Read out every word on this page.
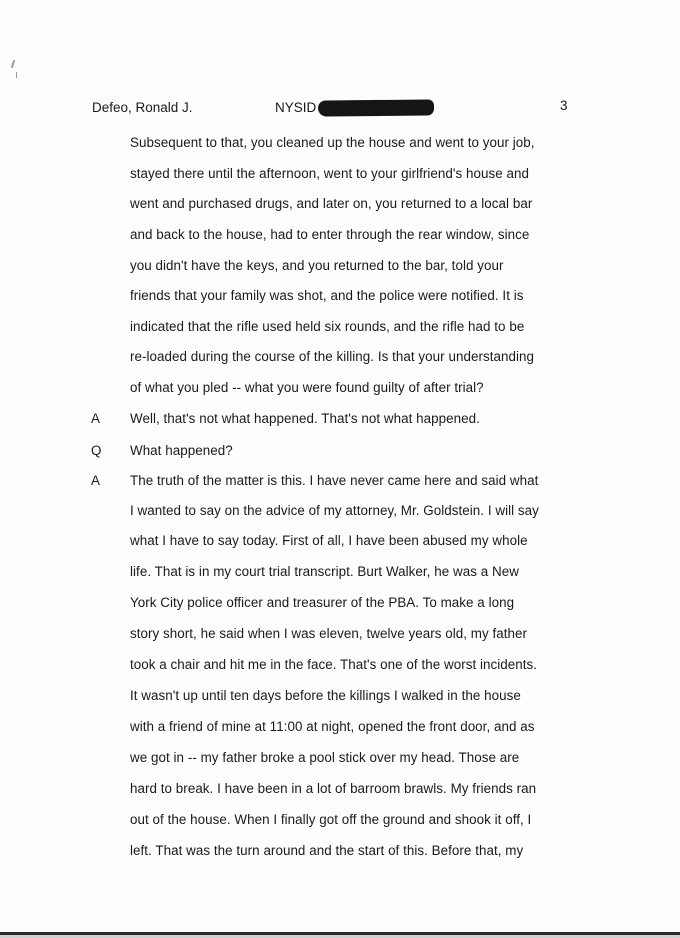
Defeo, Ronald J.	NYSID	3
Subsequent to that, you cleaned up the house and went to your job,
stayed there until the afternoon, went to your girlfriend's house and
went and purchased drugs, and later on, you returned to a local bar
and back to the house, had to enter through the rear window, since
you didn't have the keys, and you returned to the bar, told your
friends that your family was shot, and the police were notified. It is
indicated that the rifle used held six rounds, and the rifle had to be
re-loaded during the course of the killing. Is that your understanding
of what you pled -- what you were found guilty of after trial?
A Well, that's not what happened. That's not what happened.
Q What happened?
A The truth of the matter is this. I have never came here and said what
I wanted to say on the advice of my attorney, Mr. Goldstein. I will say
what I have to say today. First of all, I have been abused my whole
life. That is in my court trial transcript. Burt Walker, he was a New
York City police officer and treasurer of the PBA. To make a long
story short, he said when I was eleven, twelve years old, my father
took a chair and hit me in the face. That's one of the worst incidents.
It wasn't up until ten days before the killings I walked in the house
with a friend of mine at 11:00 at night, opened the front door, and as
we got in -- my father broke a pool stick over my head. Those are
hard to break. I have been in a lot of barroom brawls. My friends ran
out of the house. When I finally got off the ground and shook it off, I
left. That was the turn around and the start of this. Before that, my
